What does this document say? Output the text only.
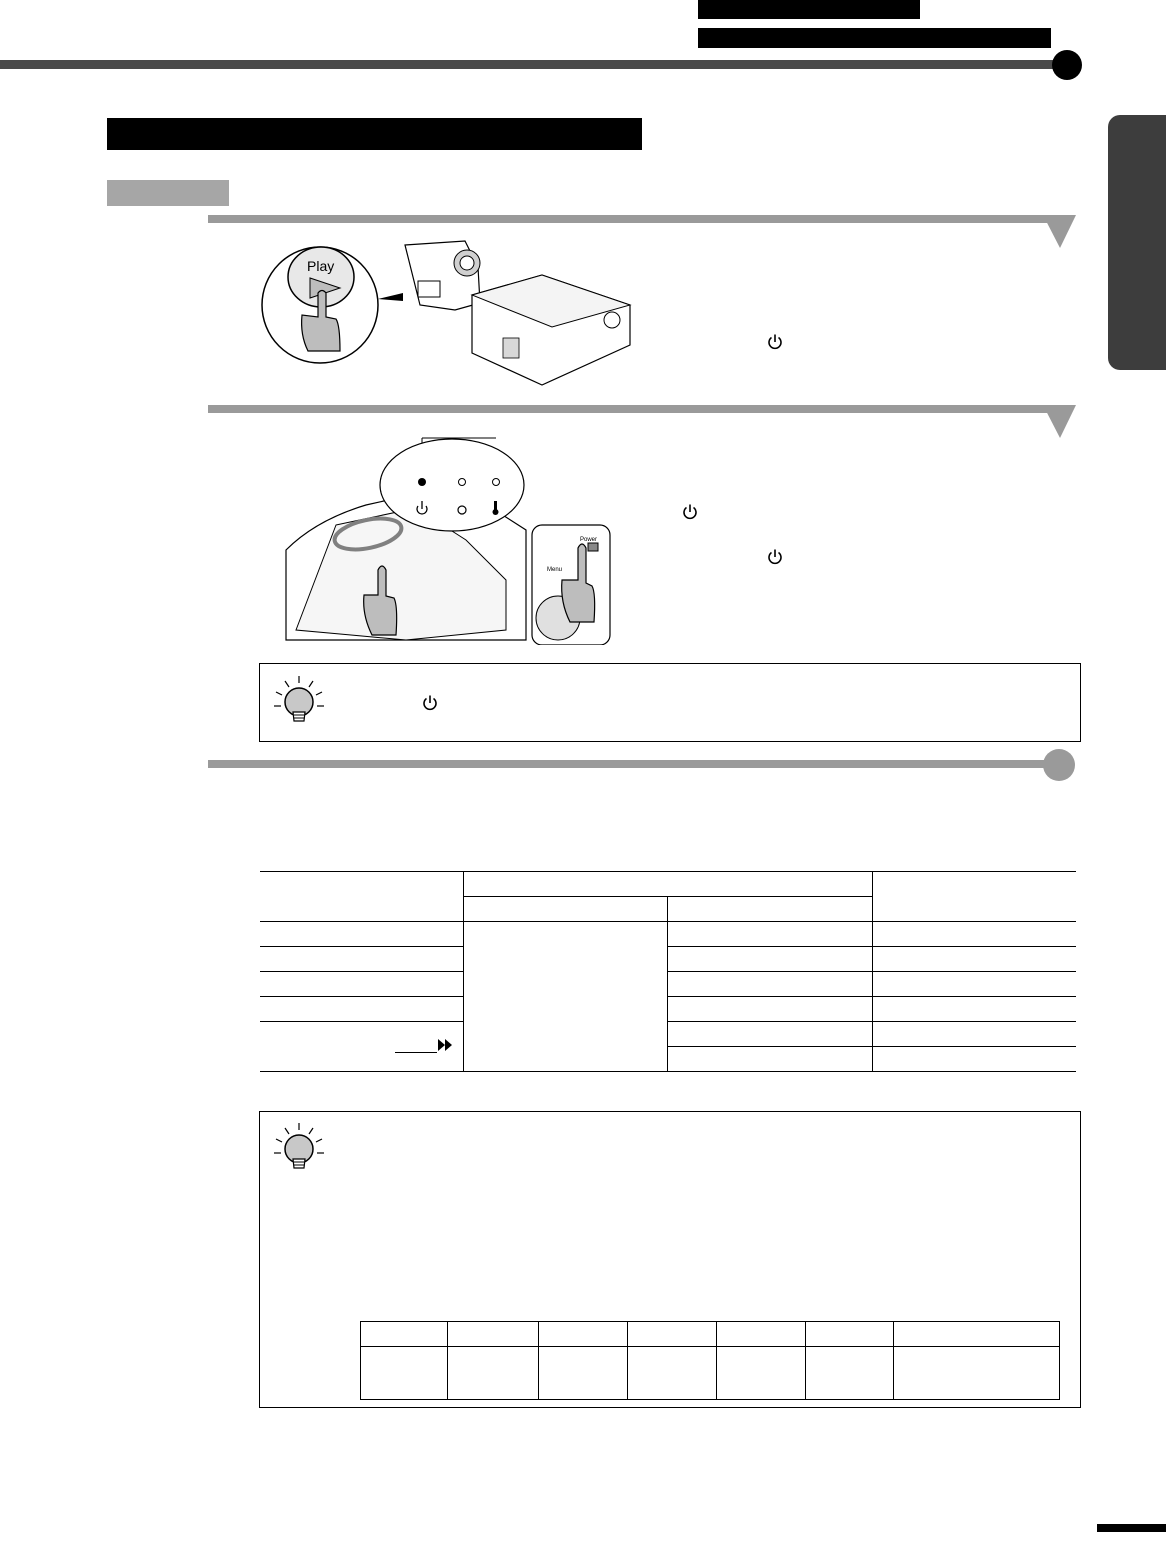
Power
Menu

Play
